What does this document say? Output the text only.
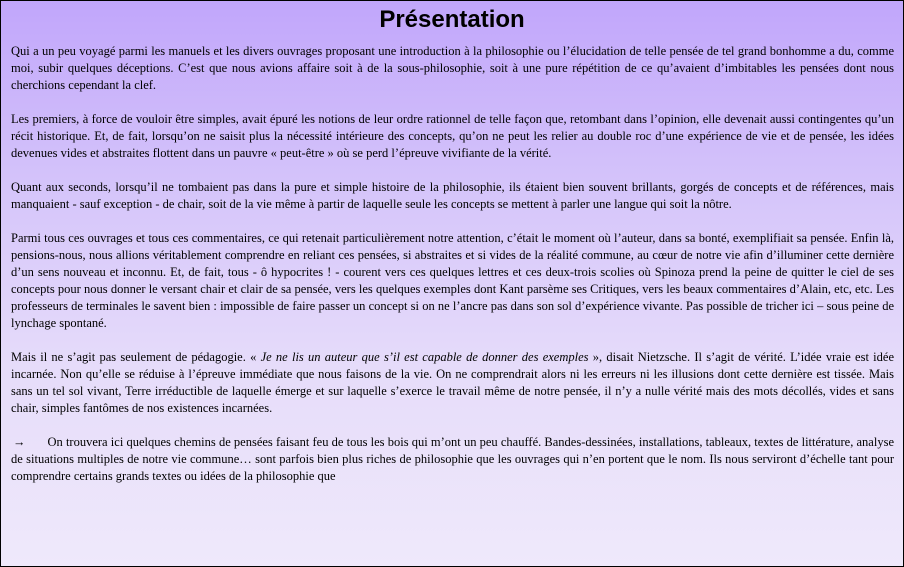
Présentation

Qui a un peu voyagé parmi les manuels et les divers ouvrages proposant une introduction à la philosophie ou l’élucidation de telle pensée de tel grand bonhomme a du, comme moi, subir quelques déceptions. C’est que nous avions affaire soit à de la sous-philosophie, soit à une pure répétition de ce qu’avaient d’imbitables les pensées dont nous cherchions cependant la clef.

Les premiers, à force de vouloir être simples, avait épuré les notions de leur ordre rationnel de telle façon que, retombant dans l’opinion, elle devenait aussi contingentes qu’un récit historique. Et, de fait, lorsqu’on ne saisit plus la nécessité intérieure des concepts, qu’on ne peut les relier au double roc d’une expérience de vie et de pensée, les idées devenues vides et abstraites flottent dans un pauvre « peut-être » où se perd l’épreuve vivifiante de la vérité.

Quant aux seconds, lorsqu’il ne tombaient pas dans la pure et simple histoire de la philosophie, ils étaient bien souvent brillants, gorgés de concepts et de références, mais manquaient - sauf exception - de chair, soit de la vie même à partir de laquelle seule les concepts se mettent à parler une langue qui soit la nôtre.

Parmi tous ces ouvrages et tous ces commentaires, ce qui retenait particulièrement notre attention, c’était le moment où l’auteur, dans sa bonté, exemplifiait sa pensée. Enfin là, pensions-nous, nous allions véritablement comprendre en reliant ces pensées, si abstraites et si vides de la réalité commune, au cœur de notre vie afin d’illuminer cette dernière d’un sens nouveau et inconnu. Et, de fait, tous - ô hypocrites ! - courent vers ces quelques lettres et ces deux-trois scolies où Spinoza prend la peine de quitter le ciel de ses concepts pour nous donner le versant chair et clair de sa pensée, vers les quelques exemples dont Kant parsème ses Critiques, vers les beaux commentaires d’Alain, etc, etc. Les professeurs de terminales le savent bien : impossible de faire passer un concept si on ne l’ancre pas dans son sol d’expérience vivante. Pas possible de tricher ici – sous peine de lynchage spontané.

Mais il ne s’agit pas seulement de pédagogie. « Je ne lis un auteur que s’il est capable de donner des exemples », disait Nietzsche. Il s’agit de vérité. L’idée vraie est idée incarnée. Non qu’elle se réduise à l’épreuve immédiate que nous faisons de la vie. On ne comprendrait alors ni les erreurs ni les illusions dont cette dernière est tissée. Mais sans un tel sol vivant, Terre irréductible de laquelle émerge et sur laquelle s’exerce le travail même de notre pensée, il n’y a nulle vérité mais des mots décollés, vides et sans chair, simples fantômes de nos existences incarnées.

→ On trouvera ici quelques chemins de pensées faisant feu de tous les bois qui m’ont un peu chauffé. Bandes-dessinées, installations, tableaux, textes de littérature, analyse de situations multiples de notre vie commune… sont parfois bien plus riches de philosophie que les ouvrages qui n’en portent que le nom. Ils nous serviront d’échelle tant pour comprendre certains grands textes ou idées de la philosophie que
